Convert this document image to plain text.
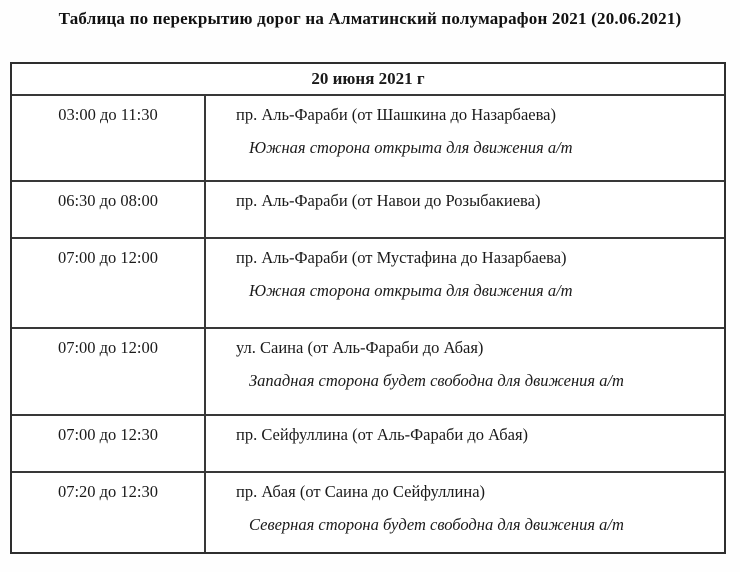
Таблица по перекрытию дорог на Алматинский полумарафон 2021 (20.06.2021)
20 июня 2021 г
03:00 до 11:30	пр. Аль-Фараби (от Шашкина до Назарбаева)
Южная сторона открыта для движения а/т
06:30 до 08:00	пр. Аль-Фараби (от Навои до Розыбакиева)
07:00 до 12:00	пр. Аль-Фараби (от Мустафина до Назарбаева)
Южная сторона открыта для движения а/т
07:00 до 12:00	ул. Саина (от Аль-Фараби до Абая)
Западная сторона будет свободна для движения а/т
07:00 до 12:30	пр. Сейфуллина (от Аль-Фараби до Абая)
07:20 до 12:30	пр. Абая (от Саина до Сейфуллина)
Северная сторона будет свободна для движения а/т
